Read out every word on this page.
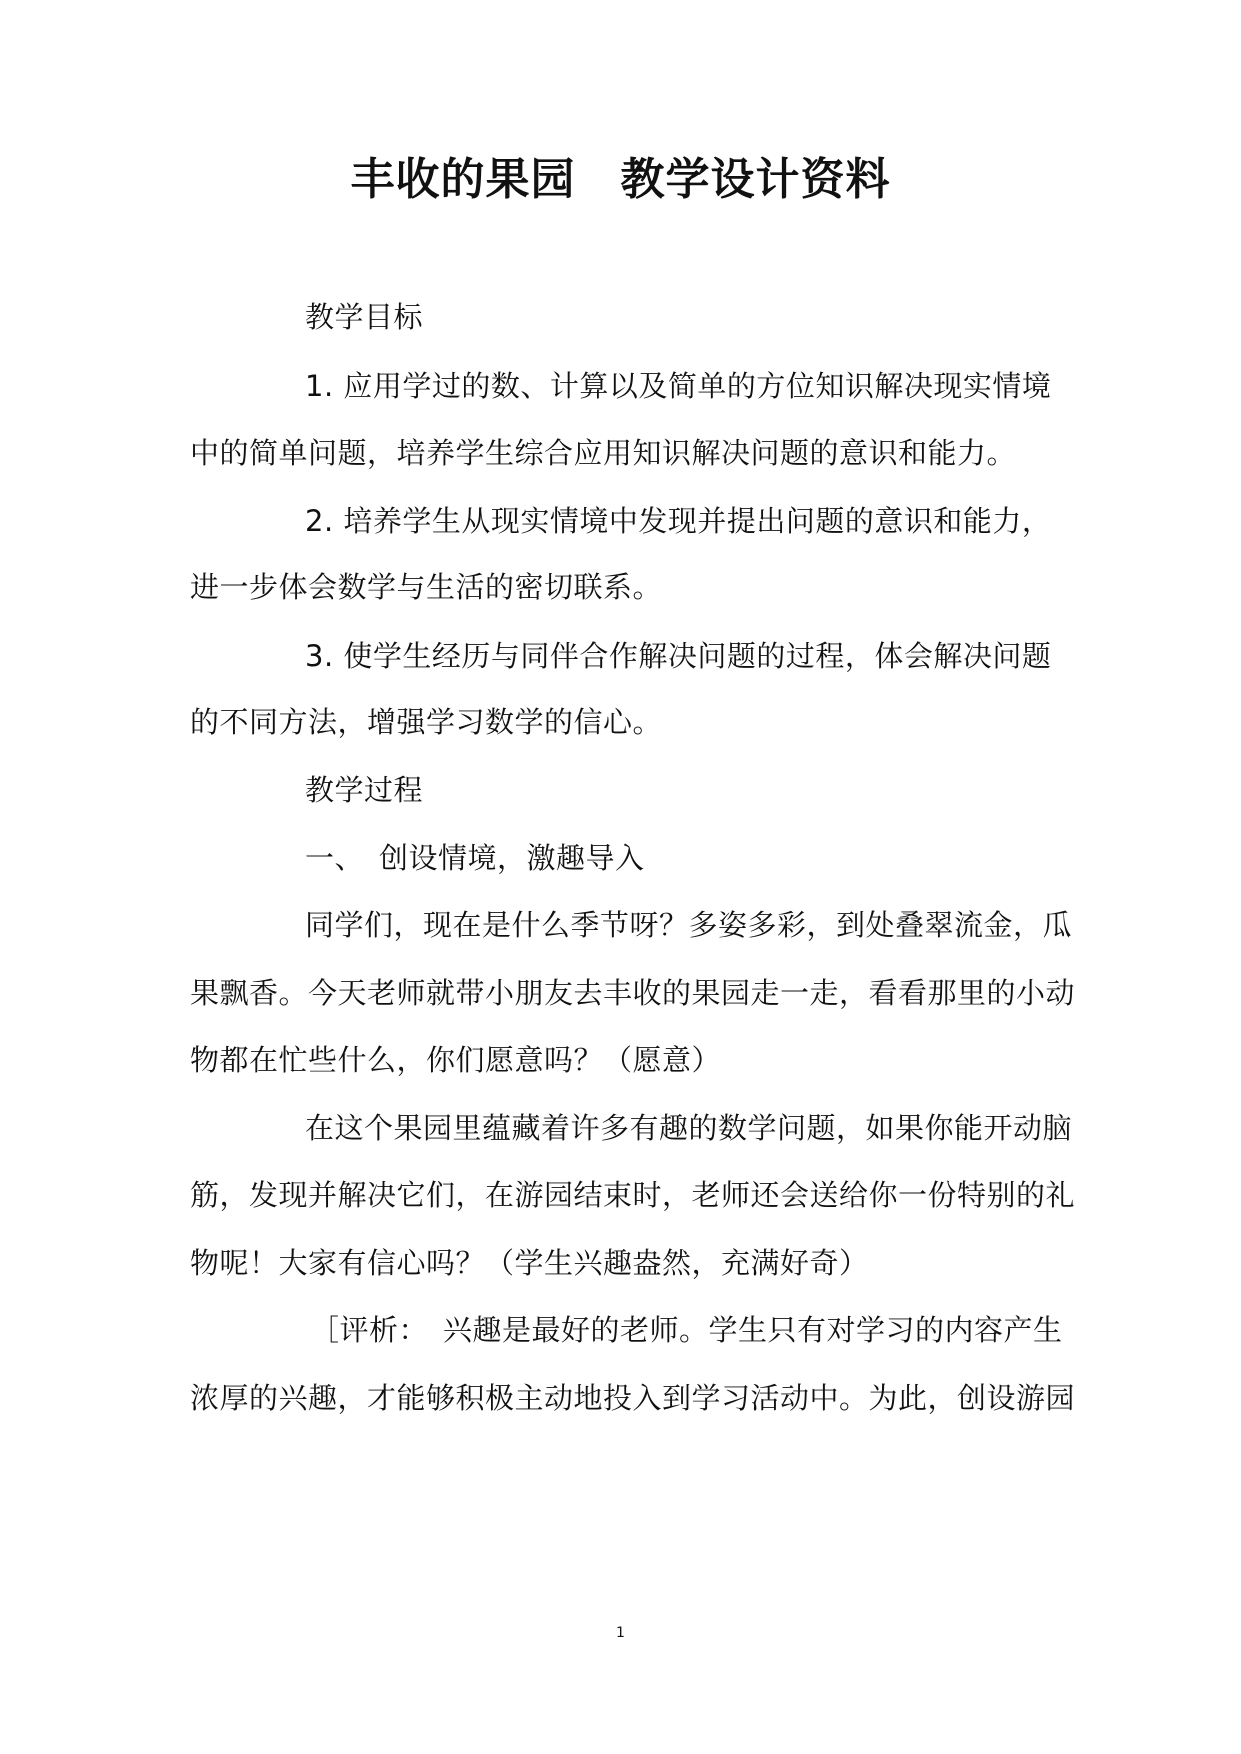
丰收的果园　教学设计资料
教学目标
1. 应用学过的数、计算以及简单的方位知识解决现实情境
中的简单问题，培养学生综合应用知识解决问题的意识和能力。
2. 培养学生从现实情境中发现并提出问题的意识和能力，
进一步体会数学与生活的密切联系。
3. 使学生经历与同伴合作解决问题的过程，体会解决问题
的不同方法，增强学习数学的信心。
教学过程
一、　创设情境，激趣导入
同学们，现在是什么季节呀？多姿多彩，到处叠翠流金，瓜
果飘香。今天老师就带小朋友去丰收的果园走一走，看看那里的小动
物都在忙些什么，你们愿意吗？（愿意）
在这个果园里蕴藏着许多有趣的数学问题，如果你能开动脑
筋，发现并解决它们，在游园结束时，老师还会送给你一份特别的礼
物呢！大家有信心吗？（学生兴趣盎然，充满好奇）
［评析：　兴趣是最好的老师。学生只有对学习的内容产生
浓厚的兴趣，才能够积极主动地投入到学习活动中。为此，创设游园
1
